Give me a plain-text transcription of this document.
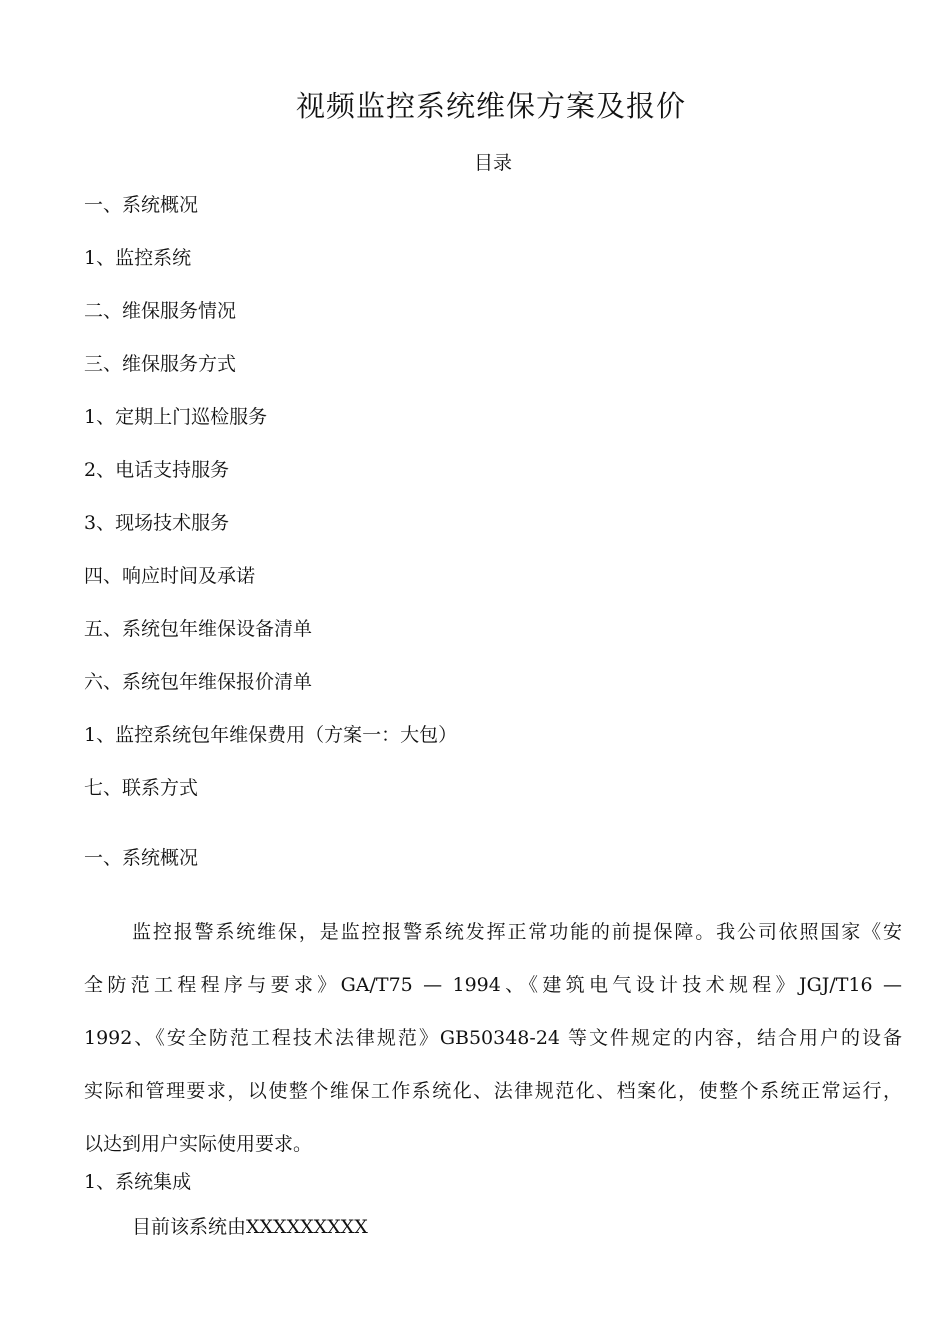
视频监控系统维保方案及报价
目录
一、系统概况
1、监控系统
二、维保服务情况
三、维保服务方式
1、定期上门巡检服务
2、电话支持服务
3、现场技术服务
四、响应时间及承诺
五、系统包年维保设备清单
六、系统包年维保报价清单
1、监控系统包年维保费用（方案一：大包）
七、联系方式
一、系统概况
监控报警系统维保，是监控报警系统发挥正常功能的前提保障。我公司依照国家《安
全防范工程程序与要求》GA/T75 — 1994、《建筑电气设计技术规程》JGJ/T16 —
1992、《安全防范工程技术法律规范》GB50348-24 等文件规定的内容，结合用户的设备
实际和管理要求，以使整个维保工作系统化、法律规范化、档案化，使整个系统正常运行，
以达到用户实际使用要求。
1、系统集成
目前该系统由XXXXXXXXX
